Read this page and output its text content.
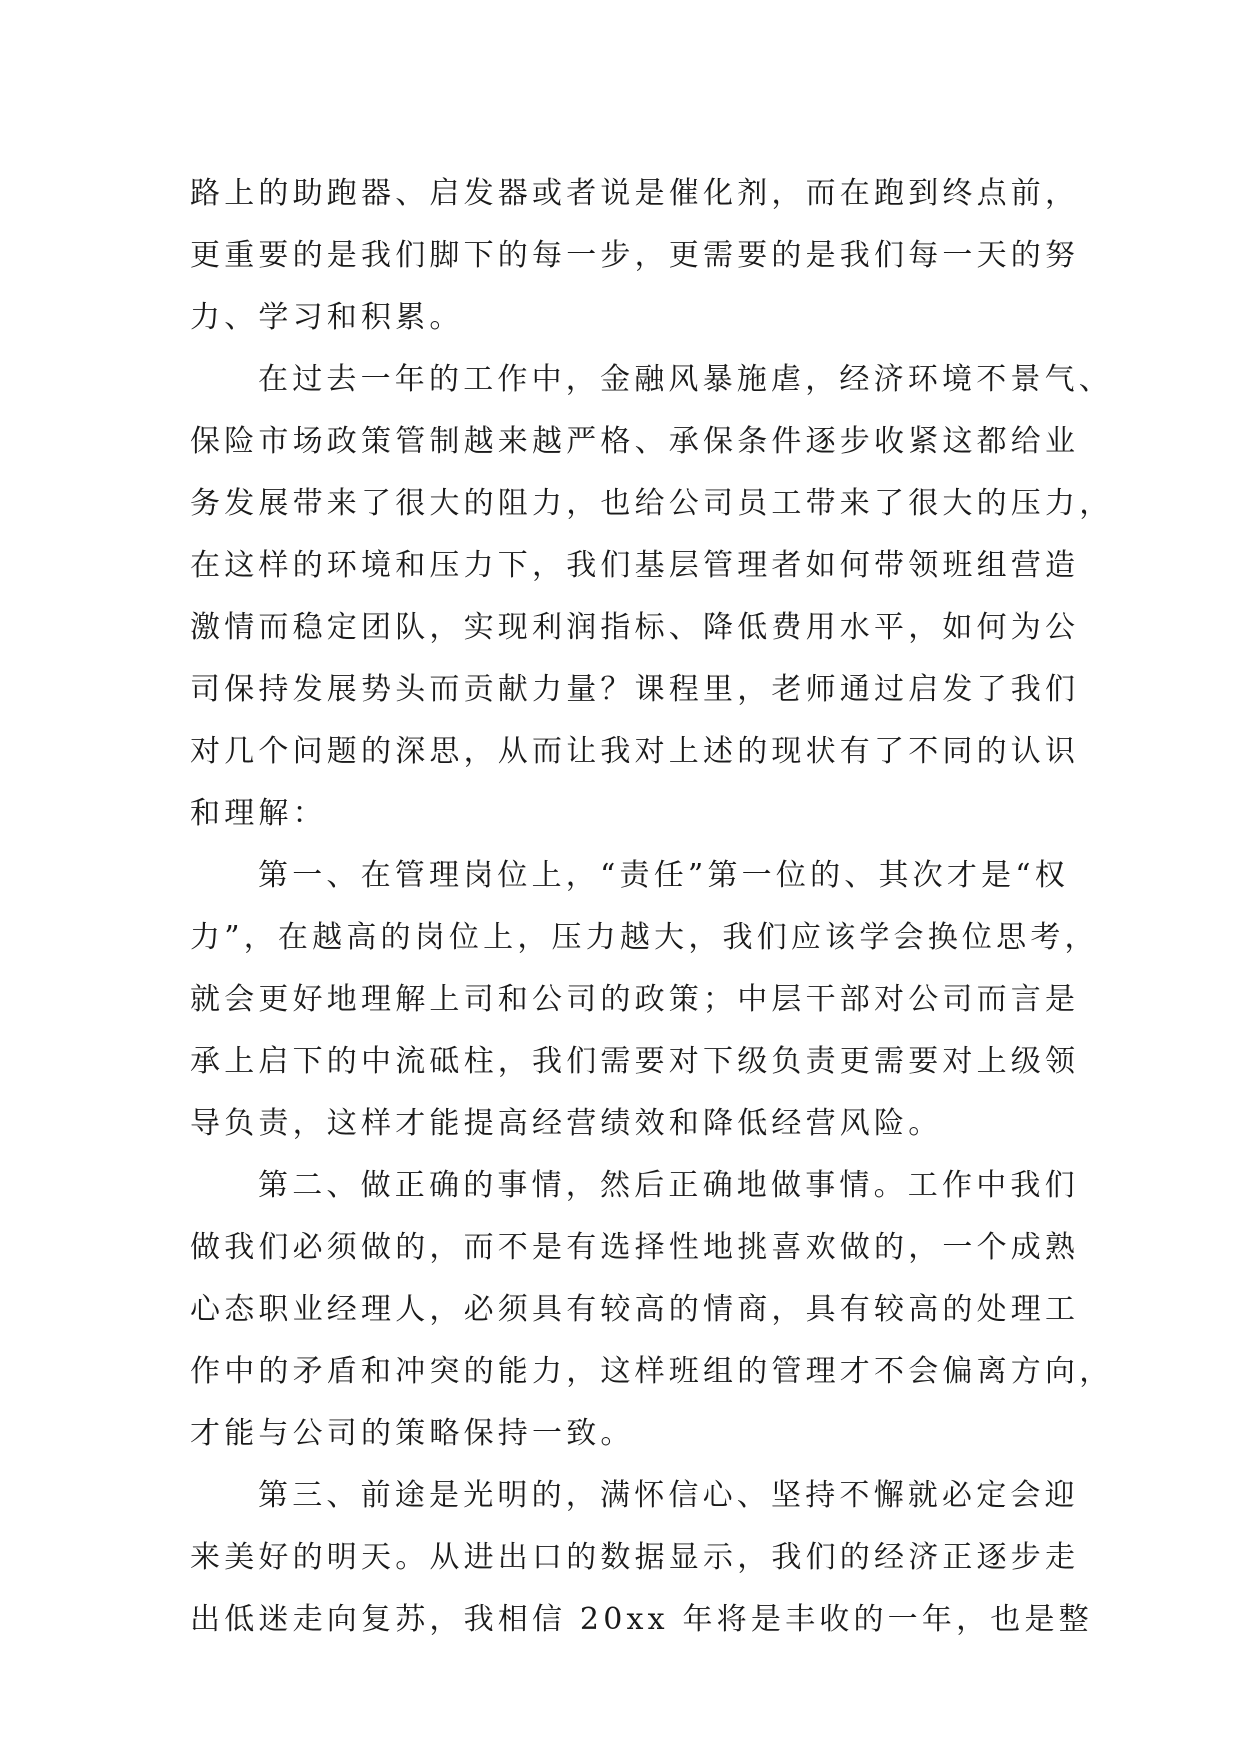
路上的助跑器、启发器或者说是催化剂，而在跑到终点前，
更重要的是我们脚下的每一步，更需要的是我们每一天的努
力、学习和积累。
在过去一年的工作中，金融风暴施虐，经济环境不景气、
保险市场政策管制越来越严格、承保条件逐步收紧这都给业
务发展带来了很大的阻力，也给公司员工带来了很大的压力，
在这样的环境和压力下，我们基层管理者如何带领班组营造
激情而稳定团队，实现利润指标、降低费用水平，如何为公
司保持发展势头而贡献力量？课程里，老师通过启发了我们
对几个问题的深思，从而让我对上述的现状有了不同的认识
和理解：
第一、在管理岗位上，“责任”第一位的、其次才是“权
力”，在越高的岗位上，压力越大，我们应该学会换位思考，
就会更好地理解上司和公司的政策；中层干部对公司而言是
承上启下的中流砥柱，我们需要对下级负责更需要对上级领
导负责，这样才能提高经营绩效和降低经营风险。
第二、做正确的事情，然后正确地做事情。工作中我们
做我们必须做的，而不是有选择性地挑喜欢做的，一个成熟
心态职业经理人，必须具有较高的情商，具有较高的处理工
作中的矛盾和冲突的能力，这样班组的管理才不会偏离方向，
才能与公司的策略保持一致。
第三、前途是光明的，满怀信心、坚持不懈就必定会迎
来美好的明天。从进出口的数据显示，我们的经济正逐步走
出低迷走向复苏，我相信 20xx 年将是丰收的一年，也是整
